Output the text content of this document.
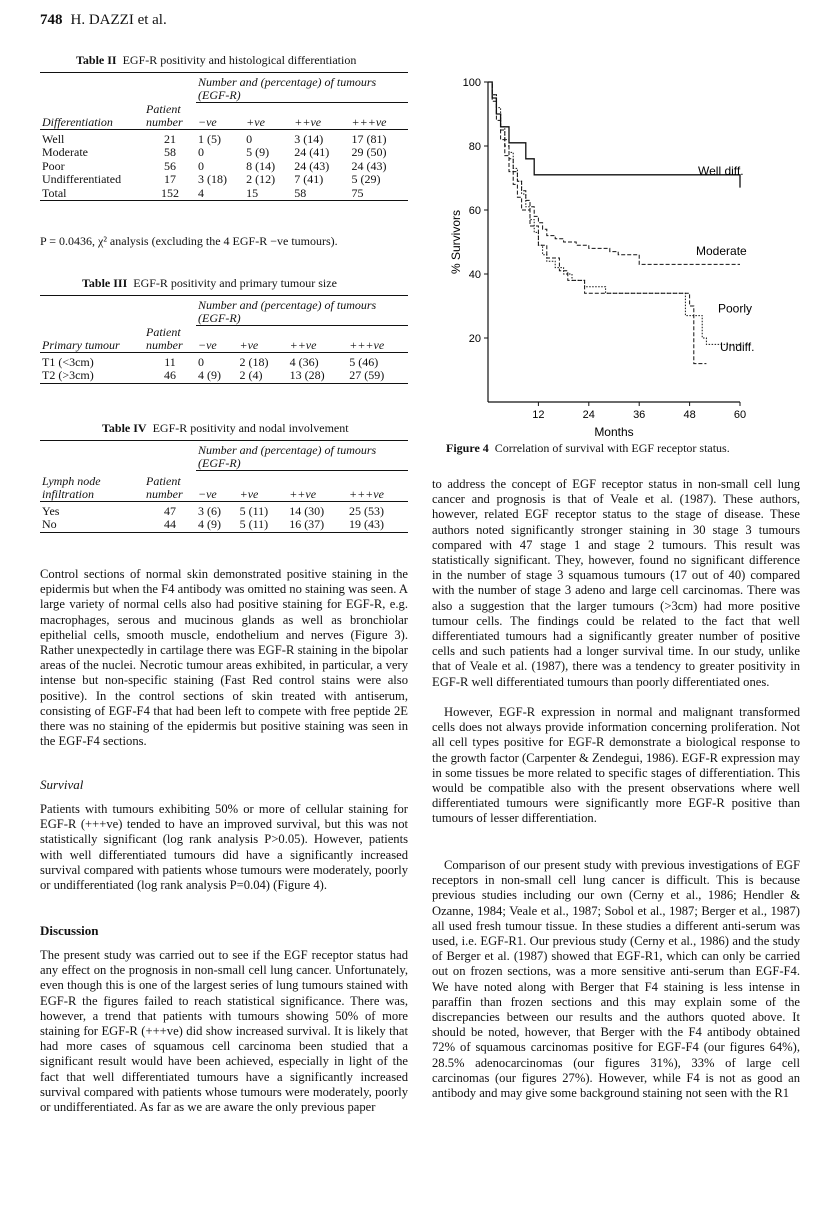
748 H. DAZZI et al.
Table II EGF-R positivity and histological differentiation

		Number and (percentage) of tumours (EGF-R)			
Differentiation	Patient number	−ve	+ve	++ve	+++ve

Well	21	1 (5)	0	3 (14)	17 (81)
Moderate	58	0	5 (9)	24 (41)	29 (50)
Poor	56	0	8 (14)	24 (43)	24 (43)
Undifferentiated	17	3 (18)	2 (12)	7 (41)	5 (29)
Total	152	4	15	58	75

P = 0.0436, χ² analysis (excluding the 4 EGF-R −ve tumours).
Table III EGF-R positivity and primary tumour size

		Number and (percentage) of tumours (EGF-R)			
Primary tumour	Patient number	−ve	+ve	++ve	+++ve

T1 (<3cm)	11	0	2 (18)	4 (36)	5 (46)
T2 (>3cm)	46	4 (9)	2 (4)	13 (28)	27 (59)

Table IV EGF-R positivity and nodal involvement

		Number and (percentage) of tumours (EGF-R)			
Lymph node infiltration	Patient number	−ve	+ve	++ve	+++ve

Yes	47	3 (6)	5 (11)	14 (30)	25 (53)
No	44	4 (9)	5 (11)	16 (37)	19 (43)

Control sections of normal skin demonstrated positive staining in the epidermis but when the F4 antibody was omitted no staining was seen. A large variety of normal cells also had positive staining for EGF-R, e.g. macrophages, serous and mucinous glands as well as bronchiolar epithelial cells, smooth muscle, endothelium and nerves (Figure 3). Rather unexpectedly in cartilage there was EGF-R staining in the bipolar areas of the nuclei. Necrotic tumour areas exhibited, in particular, a very intense but non-specific staining (Fast Red control stains were also positive). In the control sections of skin treated with antiserum, consisting of EGF-F4 that had been left to compete with free peptide 2E there was no staining of the epidermis but positive staining was seen in the EGF-F4 sections.
Survival
Patients with tumours exhibiting 50% or more of cellular staining for EGF-R (+++ve) tended to have an improved survival, but this was not statistically significant (log rank analysis P>0.05). However, patients with well differentiated tumours did have a significantly increased survival compared with patients whose tumours were moderately, poorly or undifferentiated (log rank analysis P=0.04) (Figure 4).
Discussion
The present study was carried out to see if the EGF receptor status had any effect on the prognosis in non-small cell lung cancer. Unfortunately, even though this is one of the largest series of lung tumours stained with EGF-R the figures failed to reach statistical significance. There was, however, a trend that patients with tumours showing 50% of more staining for EGF-R (+++ve) did show increased survival. It is likely that had more cases of squamous cell carcinoma been studied that a significant result would have been achieved, especially in light of the fact that well differentiated tumours have a significantly increased survival compared with patients whose tumours were moderately, poorly or undifferentiated. As far as we are aware the only previous paper
20
40
60
80
100
12	24	36	48	60
Months
% Survivors
Well diff.
Moderate
Poorly
Undiff.
Figure 4 Correlation of survival with EGF receptor status.
to address the concept of EGF receptor status in non-small cell lung cancer and prognosis is that of Veale et al. (1987). These authors, however, related EGF receptor status to the stage of disease. These authors noted significantly stronger staining in 30 stage 3 tumours compared with 47 stage 1 and stage 2 tumours. This result was statistically significant. They, however, found no significant difference in the number of stage 3 squamous tumours (17 out of 40) compared with the number of stage 3 adeno and large cell carcinomas. There was also a suggestion that the larger tumours (>3cm) had more positive tumour cells. The findings could be related to the fact that well differentiated tumours had a significantly greater number of positive cells and such patients had a longer survival time. In our study, unlike that of Veale et al. (1987), there was a tendency to greater positivity in EGF-R well differentiated tumours than poorly differentiated ones.
However, EGF-R expression in normal and malignant transformed cells does not always provide information concerning proliferation. Not all cell types positive for EGF-R demonstrate a biological response to the growth factor (Carpenter & Zendegui, 1986). EGF-R expression may in some tissues be more related to specific stages of differentiation. This would be compatible also with the present observations where well differentiated tumours were significantly more EGF-R positive than tumours of lesser differentiation.
Comparison of our present study with previous investigations of EGF receptors in non-small cell lung cancer is difficult. This is because previous studies including our own (Cerny et al., 1986; Hendler & Ozanne, 1984; Veale et al., 1987; Sobol et al., 1987; Berger et al., 1987) all used fresh tumour tissue. In these studies a different anti-serum was used, i.e. EGF-R1. Our previous study (Cerny et al., 1986) and the study of Berger et al. (1987) showed that EGF-R1, which can only be carried out on frozen sections, was a more sensitive anti-serum than EGF-F4. We have noted along with Berger that F4 staining is less intense in paraffin than frozen sections and this may explain some of the discrepancies between our results and the authors quoted above. It should be noted, however, that Berger with the F4 antibody obtained 72% of squamous carcinomas positive for EGF-F4 (our figures 64%), 28.5% adenocarcinomas (our figures 31%), 33% of large cell carcinomas (our figures 27%). However, while F4 is not as good an antibody and may give some background staining not seen with the R1
